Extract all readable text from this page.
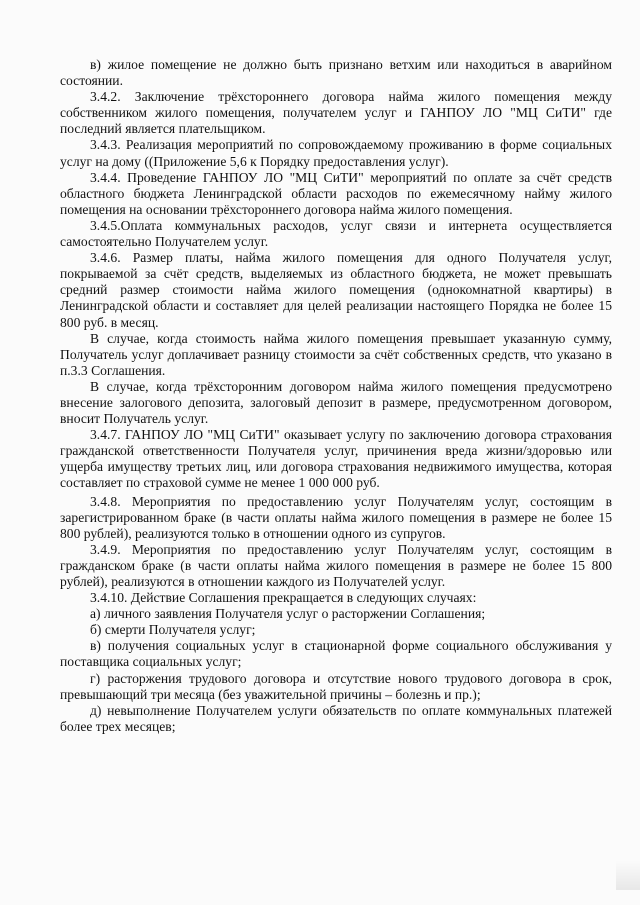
в) жилое помещение не должно быть признано ветхим или находиться в аварийном состоянии.

3.4.2. Заключение трёхстороннего договора найма жилого помещения между собственником жилого помещения, получателем услуг и ГАНПОУ ЛО "МЦ СиТИ" где последний является плательщиком.

3.4.3. Реализация мероприятий по сопровождаемому проживанию в форме социальных услуг на дому ((Приложение 5,6 к Порядку предоставления услуг).

3.4.4. Проведение ГАНПОУ ЛО "МЦ СиТИ" мероприятий по оплате за счёт средств областного бюджета Ленинградской области расходов по ежемесячному найму жилого помещения на основании трёхстороннего договора найма жилого помещения.

3.4.5.Оплата коммунальных расходов, услуг связи и интернета осуществляется самостоятельно Получателем услуг.

3.4.6. Размер платы, найма жилого помещения для одного Получателя услуг, покрываемой за счёт средств, выделяемых из областного бюджета, не может превышать средний размер стоимости найма жилого помещения (однокомнатной квартиры) в Ленинградской области и составляет для целей реализации настоящего Порядка не более 15 800 руб. в месяц.

В случае, когда стоимость найма жилого помещения превышает указанную сумму, Получатель услуг доплачивает разницу стоимости за счёт собственных средств, что указано в п.3.3 Соглашения.

В случае, когда трёхсторонним договором найма жилого помещения предусмотрено внесение залогового депозита, залоговый депозит в размере, предусмотренном договором, вносит Получатель услуг.

3.4.7. ГАНПОУ ЛО "МЦ СиТИ" оказывает услугу по заключению договора страхования гражданской ответственности Получателя услуг, причинения вреда жизни/здоровью или ущерба имуществу третьих лиц, или договора страхования недвижимого имущества, которая составляет по страховой сумме не менее 1 000 000 руб.

3.4.8. Мероприятия по предоставлению услуг Получателям услуг, состоящим в зарегистрированном браке (в части оплаты найма жилого помещения в размере не более 15 800 рублей), реализуются только в отношении одного из супругов.

3.4.9. Мероприятия по предоставлению услуг Получателям услуг, состоящим в гражданском браке (в части оплаты найма жилого помещения в размере не более 15 800 рублей), реализуются в отношении каждого из Получателей услуг.

3.4.10. Действие Соглашения прекращается в следующих случаях:

а) личного заявления Получателя услуг о расторжении Соглашения;

б) смерти Получателя услуг;

в) получения социальных услуг в стационарной форме социального обслуживания у поставщика социальных услуг;

г) расторжения трудового договора и отсутствие нового трудового договора в срок, превышающий три месяца (без уважительной причины – болезнь и пр.);

д) невыполнение Получателем услуги обязательств по оплате коммунальных платежей более трех месяцев;
